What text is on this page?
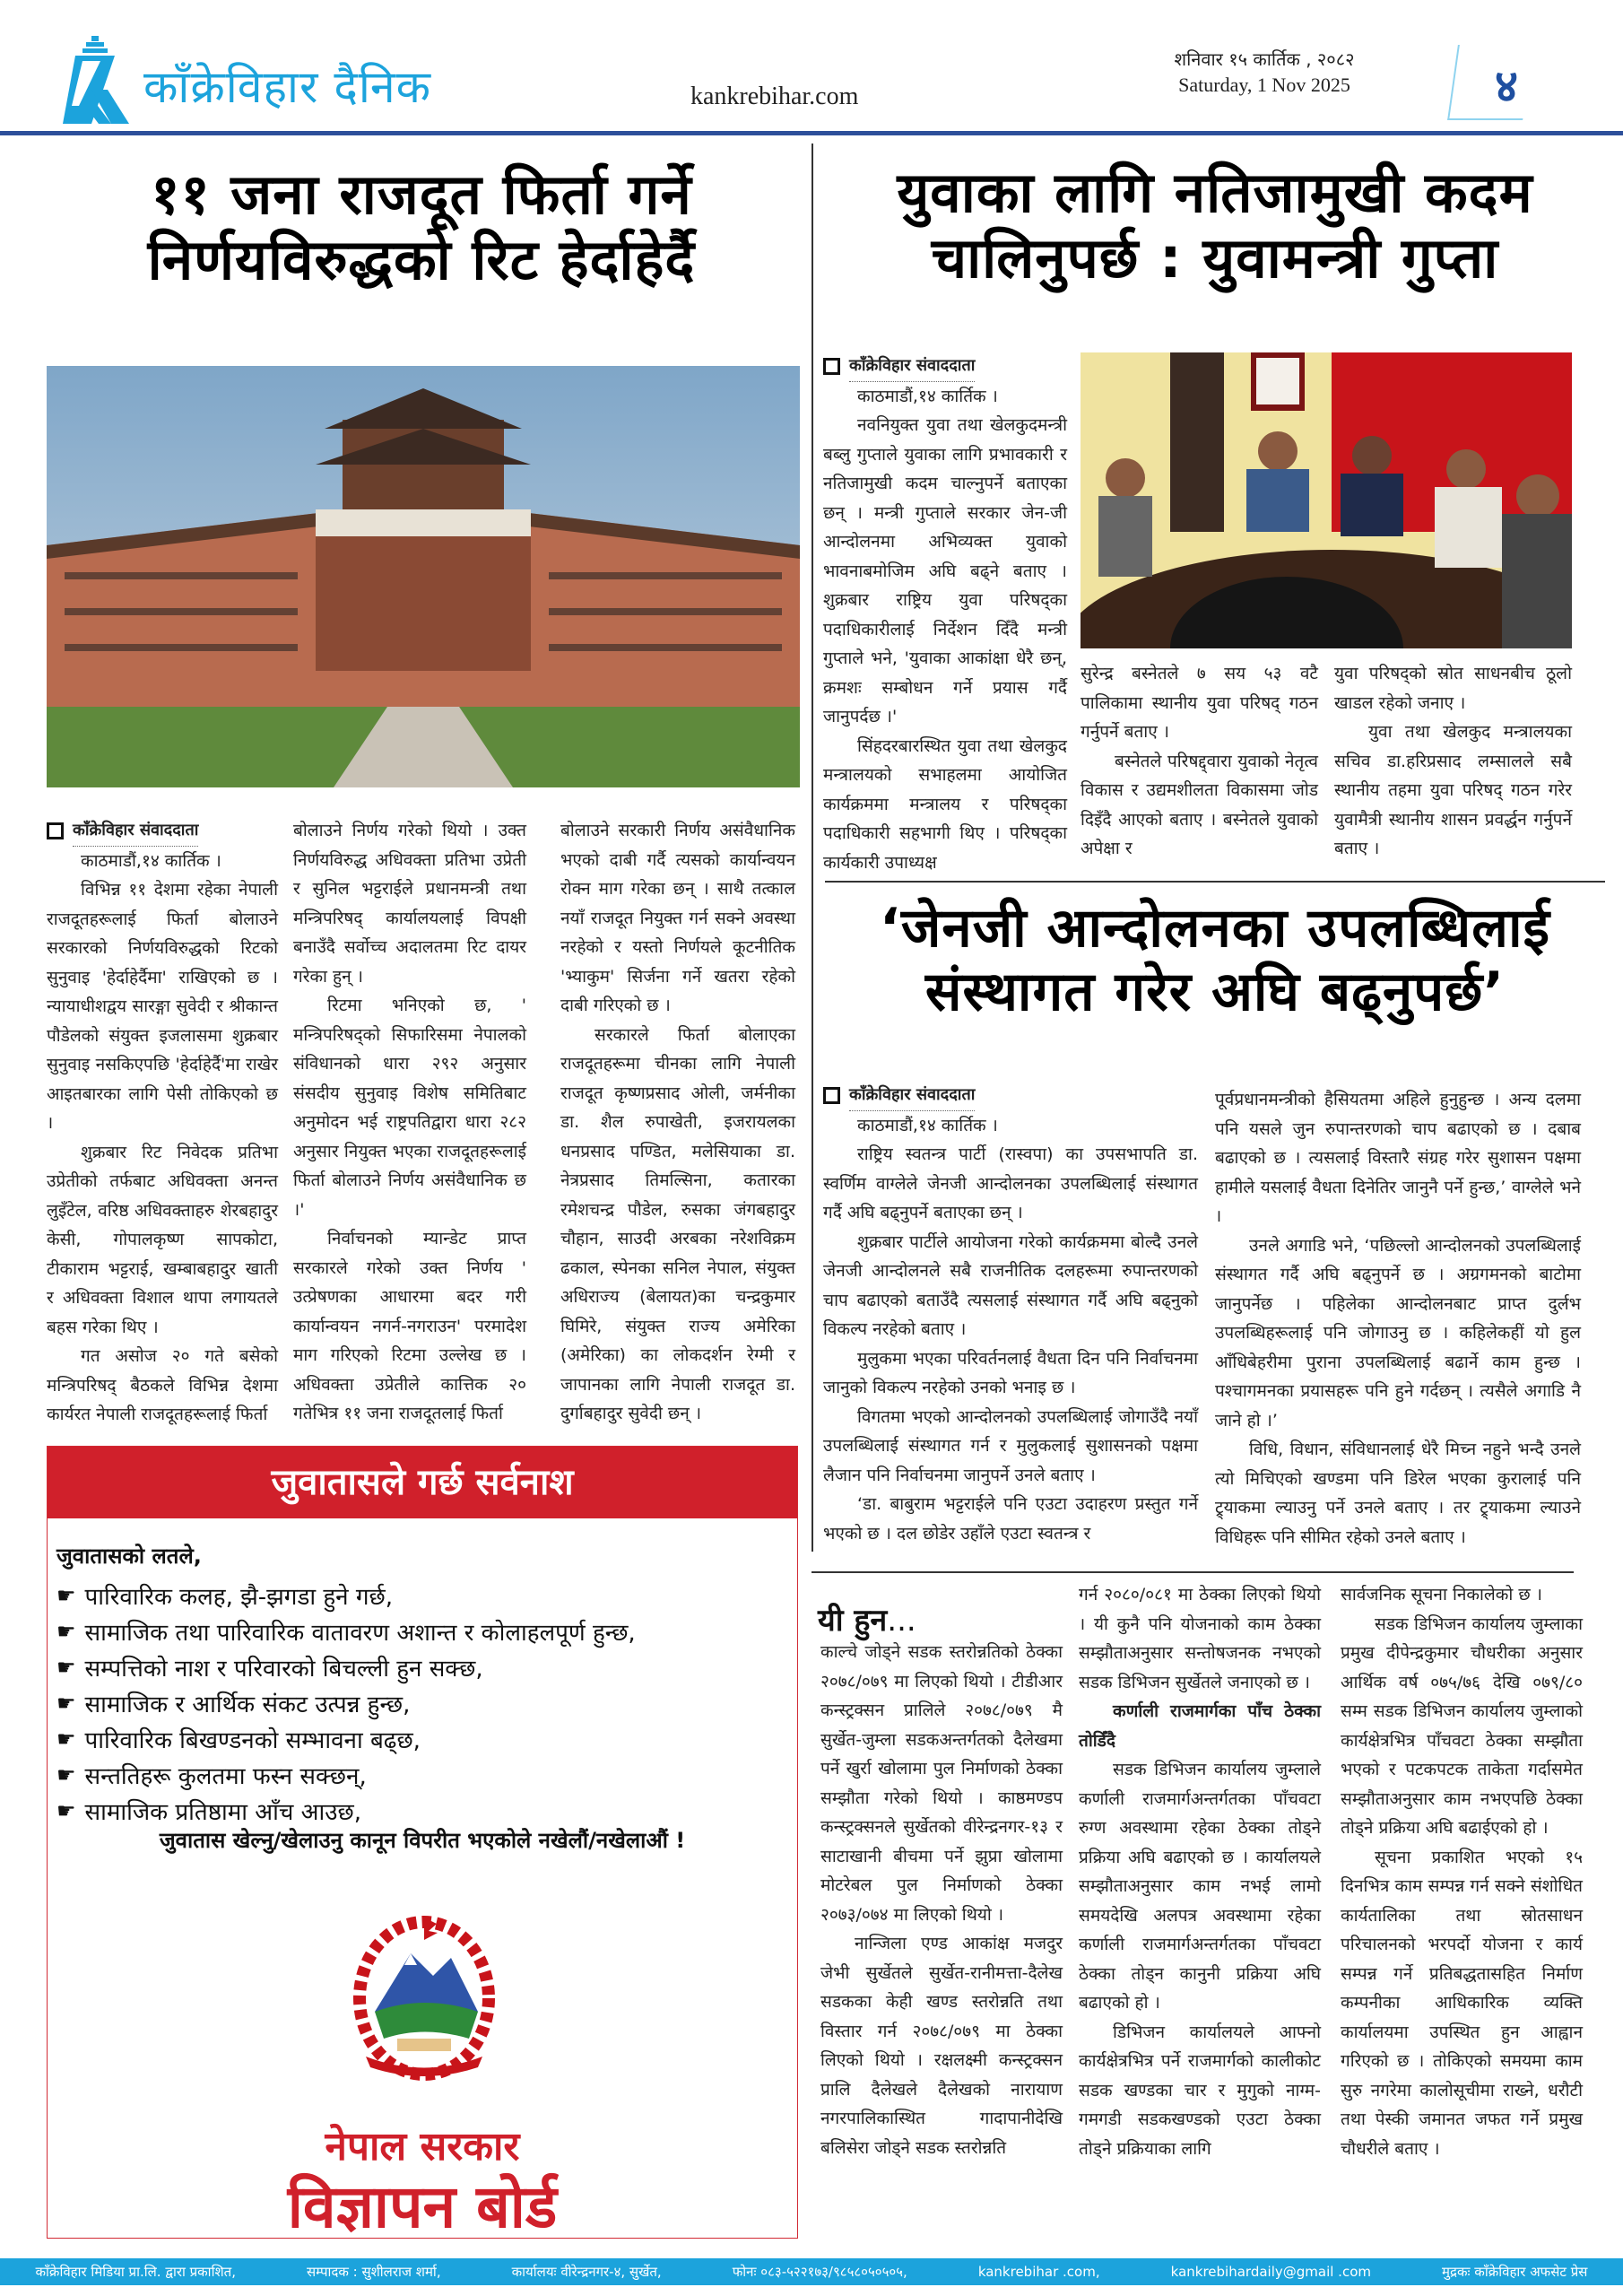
काँक्रेविहार दैनिक	kankrebihar.com
शनिवार १५ कार्तिक , २०८२
Saturday, 1 Nov 2025	४
११ जना राजदूत फिर्ता गर्ने
निर्णयविरुद्धको रिट हेर्दाहेर्दै
काँक्रेविहार संवाददाता
काठमाडौं,१४ कार्तिक ।

विभिन्न ११ देशमा रहेका नेपाली राजदूतहरूलाई फिर्ता बोलाउने सरकारको निर्णयविरुद्धको रिटको सुनुवाइ 'हेर्दाहेर्दैमा' राखिएको छ । न्यायाधीशद्वय सारङ्गा सुवेदी र श्रीकान्त पौडेलको संयुक्त इजलासमा शुक्रबार सुनुवाइ नसकिएपछि 'हेर्दाहेर्दै'मा राखेर आइतबारका लागि पेसी तोकिएको छ ।

शुक्रबार रिट निवेदक प्रतिभा उप्रेतीको तर्फबाट अधिवक्ता अनन्त लुइँटेल, वरिष्ठ अधिवक्ताहरु शेरबहादुर केसी, गोपालकृष्ण सापकोटा, टीकाराम भट्टराई, खम्बाबहादुर खाती र अधिवक्ता विशाल थापा लगायतले बहस गरेका थिए ।

गत असोज २० गते बसेको मन्त्रिपरिषद् बैठकले विभिन्न देशमा कार्यरत नेपाली राजदूतहरूलाई फिर्ता

बोलाउने निर्णय गरेको थियो । उक्त निर्णयविरुद्ध अधिवक्ता प्रतिभा उप्रेती र सुनिल भट्टराईले प्रधानमन्त्री तथा मन्त्रिपरिषद् कार्यालयलाई विपक्षी बनाउँदै सर्वोच्च अदालतमा रिट दायर गरेका हुन् ।

रिटमा भनिएको छ, ' मन्त्रिपरिषद्को सिफारिसमा नेपालको संविधानको धारा २९२ अनुसार संसदीय सुनुवाइ विशेष समितिबाट अनुमोदन भई राष्ट्रपतिद्वारा धारा २८२ अनुसार नियुक्त भएका राजदूतहरूलाई फिर्ता बोलाउने निर्णय असंवैधानिक छ ।'

निर्वाचनको म्यान्डेट प्राप्त सरकारले गरेको उक्त निर्णय ' उत्प्रेषणका आधारमा बदर गरी कार्यान्वयन नगर्न-नगराउन' परमादेश माग गरिएको रिटमा उल्लेख छ । अधिवक्ता उप्रेतीले कात्तिक २० गतेभित्र ११ जना राजदूतलाई फिर्ता

बोलाउने सरकारी निर्णय असंवैधानिक भएको दाबी गर्दै त्यसको कार्यान्वयन रोक्न माग गरेका छन् । साथै तत्काल नयाँ राजदूत नियुक्त गर्न सक्ने अवस्था नरहेको र यस्तो निर्णयले कूटनीतिक 'भ्याकुम' सिर्जना गर्ने खतरा रहेको दाबी गरिएको छ ।

सरकारले फिर्ता बोलाएका राजदूतहरूमा चीनका लागि नेपाली राजदूत कृष्णप्रसाद ओली, जर्मनीका डा. शैल रुपाखेती, इजरायलका धनप्रसाद पण्डित, मलेसियाका डा. नेत्रप्रसाद तिमल्सिना, कतारका रमेशचन्द्र पौडेल, रुसका जंगबहादुर चौहान, साउदी अरबका नरेशविक्रम ढकाल, स्पेनका सनिल नेपाल, संयुक्त अधिराज्य (बेलायत)का चन्द्रकुमार घिमिरे, संयुक्त राज्य अमेरिका (अमेरिका) का लोकदर्शन रेग्मी र जापानका लागि नेपाली राजदूत डा. दुर्गाबहादुर सुवेदी छन् ।

युवाका लागि नतिजामुखी कदम
चालिनुपर्छ : युवामन्त्री गुप्ता
काँक्रेविहार संवाददाता
काठमाडौं,१४ कार्तिक ।

नवनियुक्त युवा तथा खेलकुदमन्त्री बब्लु गुप्ताले युवाका लागि प्रभावकारी र नतिजामुखी कदम चाल्नुपर्ने बताएका छन् । मन्त्री गुप्ताले सरकार जेन-जी आन्दोलनमा अभिव्यक्त युवाको भावनाबमोजिम अघि बढ्ने बताए । शुक्रबार राष्ट्रिय युवा परिषद्का पदाधिकारीलाई निर्देशन दिँदै मन्त्री गुप्ताले भने, 'युवाका आकांक्षा धेरै छन्, क्रमशः सम्बोधन गर्ने प्रयास गर्दै जानुपर्दछ ।'

सिंहदरबारस्थित युवा तथा खेलकुद मन्त्रालयको सभाहलमा आयोजित कार्यक्रममा मन्त्रालय र परिषद्का पदाधिकारी सहभागी थिए । परिषद्का कार्यकारी उपाध्यक्ष

सुरेन्द्र बस्नेतले ७ सय ५३ वटै पालिकामा स्थानीय युवा परिषद् गठन गर्नुपर्ने बताए ।

बस्नेतले परिषद्द्वारा युवाको नेतृत्व विकास र उद्यमशीलता विकासमा जोड दिइँदै आएको बताए । बस्नेतले युवाको अपेक्षा र

युवा परिषद्को स्रोत साधनबीच ठूलो खाडल रहेको जनाए ।

युवा तथा खेलकुद मन्त्रालयका सचिव डा.हरिप्रसाद लम्सालले सबै स्थानीय तहमा युवा परिषद् गठन गरेर युवामैत्री स्थानीय शासन प्रवर्द्धन गर्नुपर्ने बताए ।

‘जेनजी आन्दोलनका उपलब्धिलाई
संस्थागत गरेर अघि बढ्नुपर्छ’
काँक्रेविहार संवाददाता
काठमाडौं,१४ कार्तिक ।

राष्ट्रिय स्वतन्त्र पार्टी (रास्वपा) का उपसभापति डा. स्वर्णिम वाग्लेले जेनजी आन्दोलनका उपलब्धिलाई संस्थागत गर्दै अघि बढ्नुपर्ने बताएका छन् ।

शुक्रबार पार्टीले आयोजना गरेको कार्यक्रममा बोल्दै उनले जेनजी आन्दोलनले सबै राजनीतिक दलहरूमा रुपान्तरणको चाप बढाएको बताउँदै त्यसलाई संस्थागत गर्दै अघि बढ्नुको विकल्प नरहेको बताए ।

मुलुकमा भएका परिवर्तनलाई वैधता दिन पनि निर्वाचनमा जानुको विकल्प नरहेको उनको भनाइ छ ।

विगतमा भएको आन्दोलनको उपलब्धिलाई जोगाउँदै नयाँ उपलब्धिलाई संस्थागत गर्न र मुलुकलाई सुशासनको पक्षमा लैजान पनि निर्वाचनमा जानुपर्ने उनले बताए ।

‘डा. बाबुराम भट्टराईले पनि एउटा उदाहरण प्रस्तुत गर्ने भएको छ । दल छोडेर उहाँले एउटा स्वतन्त्र र

पूर्वप्रधानमन्त्रीको हैसियतमा अहिले हुनुहुन्छ । अन्य दलमा पनि यसले जुन रुपान्तरणको चाप बढाएको छ । दबाब बढाएको छ । त्यसलाई विस्तारै संग्रह गरेर सुशासन पक्षमा हामीले यसलाई वैधता दिनेतिर जानुनै पर्ने हुन्छ,’ वाग्लेले भने ।

उनले अगाडि भने, ‘पछिल्लो आन्दोलनको उपलब्धिलाई संस्थागत गर्दै अघि बढ्नुपर्ने छ । अग्रगमनको बाटोमा जानुपर्नेछ । पहिलेका आन्दोलनबाट प्राप्त दुर्लभ उपलब्धिहरूलाई पनि जोगाउनु छ । कहिलेकहीं यो हुल आँधिबेहरीमा पुराना उपलब्धिलाई बढार्ने काम हुन्छ । पश्चागमनका प्रयासहरू पनि हुने गर्दछन् । त्यसैले अगाडि नै जाने हो ।’

विधि, विधान, संविधानलाई धेरै मिच्न नहुने भन्दै उनले त्यो मिचिएको खण्डमा पनि डिरेल भएका कुरालाई पनि ट्र्याकमा ल्याउनु पर्ने उनले बताए । तर ट्र्याकमा ल्याउने विधिहरू पनि सीमित रहेको उनले बताए ।

यी हुन...

काल्चे जोड्ने सडक स्तरोन्नतिको ठेक्का २०७८/०७९ मा लिएको थियो । टीडीआर कन्स्ट्रक्सन प्रालिले २०७८/०७९ मै सुर्खेत-जुम्ला सडकअन्तर्गतको दैलेखमा पर्ने खुर्रा खोलामा पुल निर्माणको ठेक्का सम्झौता गरेको थियो । काष्ठमण्डप कन्स्ट्रक्सनले सुर्खेतको वीरेन्द्रनगर-१३ र साटाखानी बीचमा पर्ने झुप्रा खोलामा मोटरेबल पुल निर्माणको ठेक्का २०७३/०७४ मा लिएको थियो ।

नान्जिला एण्ड आकांक्ष मजदुर जेभी सुर्खेतले सुर्खेत-रानीमत्ता-दैलेख सडकका केही खण्ड स्तरोन्नति तथा विस्तार गर्न २०७८/०७९ मा ठेक्का लिएको थियो । रक्षलक्ष्मी कन्स्ट्रक्सन प्रालि दैलेखले दैलेखको नारायाण नगरपालिकास्थित गादापानीदेखि बलिसेरा जोड्ने सडक स्तरोन्नति

गर्न २०८०/०८१ मा ठेक्का लिएको थियो । यी कुनै पनि योजनाको काम ठेक्का सम्झौताअनुसार सन्तोषजनक नभएको सडक डिभिजन सुर्खेतले जनाएको छ ।

कर्णाली राजमार्गका पाँच ठेक्का तोडिँदै

सडक डिभिजन कार्यालय जुम्लाले कर्णाली राजमार्गअन्तर्गतका पाँचवटा रुग्ण अवस्थामा रहेका ठेक्का तोड्ने प्रक्रिया अघि बढाएको छ । कार्यालयले सम्झौताअनुसार काम नभई लामो समयदेखि अलपत्र अवस्थामा रहेका कर्णाली राजमार्गअन्तर्गतका पाँचवटा ठेक्का तोड्न कानुनी प्रक्रिया अघि बढाएको हो ।

डिभिजन कार्यालयले आफ्नो कार्यक्षेत्रभित्र पर्ने राजमार्गको कालीकोट सडक खण्डका चार र मुगुको नाग्म-गमगडी सडकखण्डको एउटा ठेक्का तोड्ने प्रक्रियाका लागि

सार्वजनिक सूचना निकालेको छ ।

सडक डिभिजन कार्यालय जुम्लाका प्रमुख दीपेन्द्रकुमार चौधरीका अनुसार आर्थिक वर्ष ०७५/७६ देखि ०७९/८० सम्म सडक डिभिजन कार्यालय जुम्लाको कार्यक्षेत्रभित्र पाँचवटा ठेक्का सम्झौता भएको र पटकपटक ताकेता गर्दासमेत सम्झौताअनुसार काम नभएपछि ठेक्का तोड्ने प्रक्रिया अघि बढाईएको हो ।

सूचना प्रकाशित भएको १५ दिनभित्र काम सम्पन्न गर्न सक्ने संशोधित कार्यतालिका तथा स्रोतसाधन परिचालनको भरपर्दो योजना र कार्य सम्पन्न गर्ने प्रतिबद्धतासहित निर्माण कम्पनीका आधिकारिक व्यक्ति कार्यालयमा उपस्थित हुन आह्वान गरिएको छ । तोकिएको समयमा काम सुरु नगरेमा कालोसूचीमा राख्ने, धरौटी तथा पेस्की जमानत जफत गर्ने प्रमुख चौधरीले बताए ।

जुवातासले गर्छ सर्वनाश
जुवातासको लतले,
☛ पारिवारिक कलह, झै-झगडा हुने गर्छ,
☛ सामाजिक तथा पारिवारिक वातावरण अशान्त र कोलाहलपूर्ण हुन्छ,
☛ सम्पत्तिको नाश र परिवारको बिचल्ली हुन सक्छ,
☛ सामाजिक र आर्थिक संकट उत्पन्न हुन्छ,
☛ पारिवारिक बिखण्डनको सम्भावना बढ्छ,
☛ सन्ततिहरू कुलतमा फस्न सक्छन्,
☛ सामाजिक प्रतिष्ठामा आँच आउछ,
जुवातास खेल्नु/खेलाउनु कानून विपरीत भएकोले नखेलौं/नखेलाऔं !
नेपाल सरकार
विज्ञापन बोर्ड
काँक्रेविहार मिडिया प्रा.लि. द्वारा प्रकाशित,	सम्पादक : सुशीलराज शर्मा,	कार्यालयः वीरेन्द्रनगर-४, सुर्खेत,	फोनः ०८३-५२२१७३/९८५८०५०५०५,	kankrebihar .com,	kankrebihardaily@gmail .com	मुद्रकः काँक्रेविहार अफसेट प्रेस
